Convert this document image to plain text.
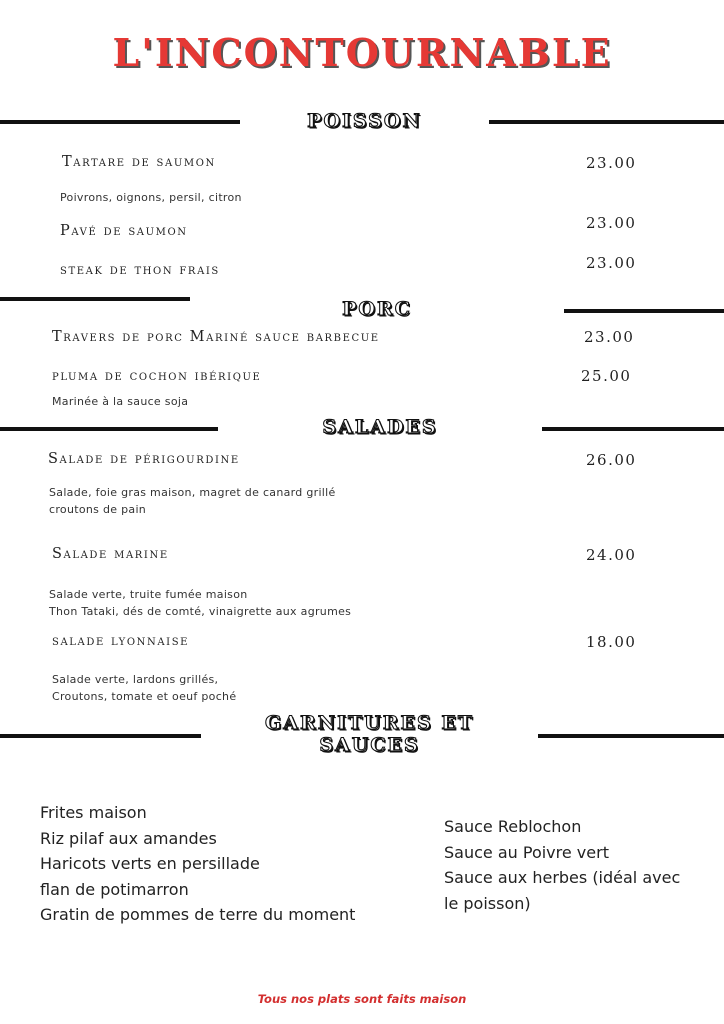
L'INCONTOURNABLE
POISSON
Tartare de saumon	23.00
Poivrons, oignons, persil, citron
Pavé de saumon	23.00
steak de thon frais	23.00
PORC
Travers de porc Mariné sauce barbecue	23.00
pluma de cochon ibérique	25.00
Marinée à la sauce soja
SALADES
Salade de périgourdine	26.00
Salade, foie gras maison, magret de canard grillé
croutons de pain
Salade marine	24.00
Salade verte, truite fumée maison
Thon Tataki, dés de comté, vinaigrette aux agrumes
salade lyonnaise	18.00
Salade verte, lardons grillés,
Croutons, tomate et oeuf poché
GARNITURES ET
SAUCES
Frites maison
Riz pilaf aux amandes
Haricots verts en persillade
flan de potimarron
Gratin de pommes de terre du moment
Sauce Reblochon
Sauce au Poivre vert
Sauce aux herbes (idéal avec
le poisson)
Tous nos plats sont faits maison
